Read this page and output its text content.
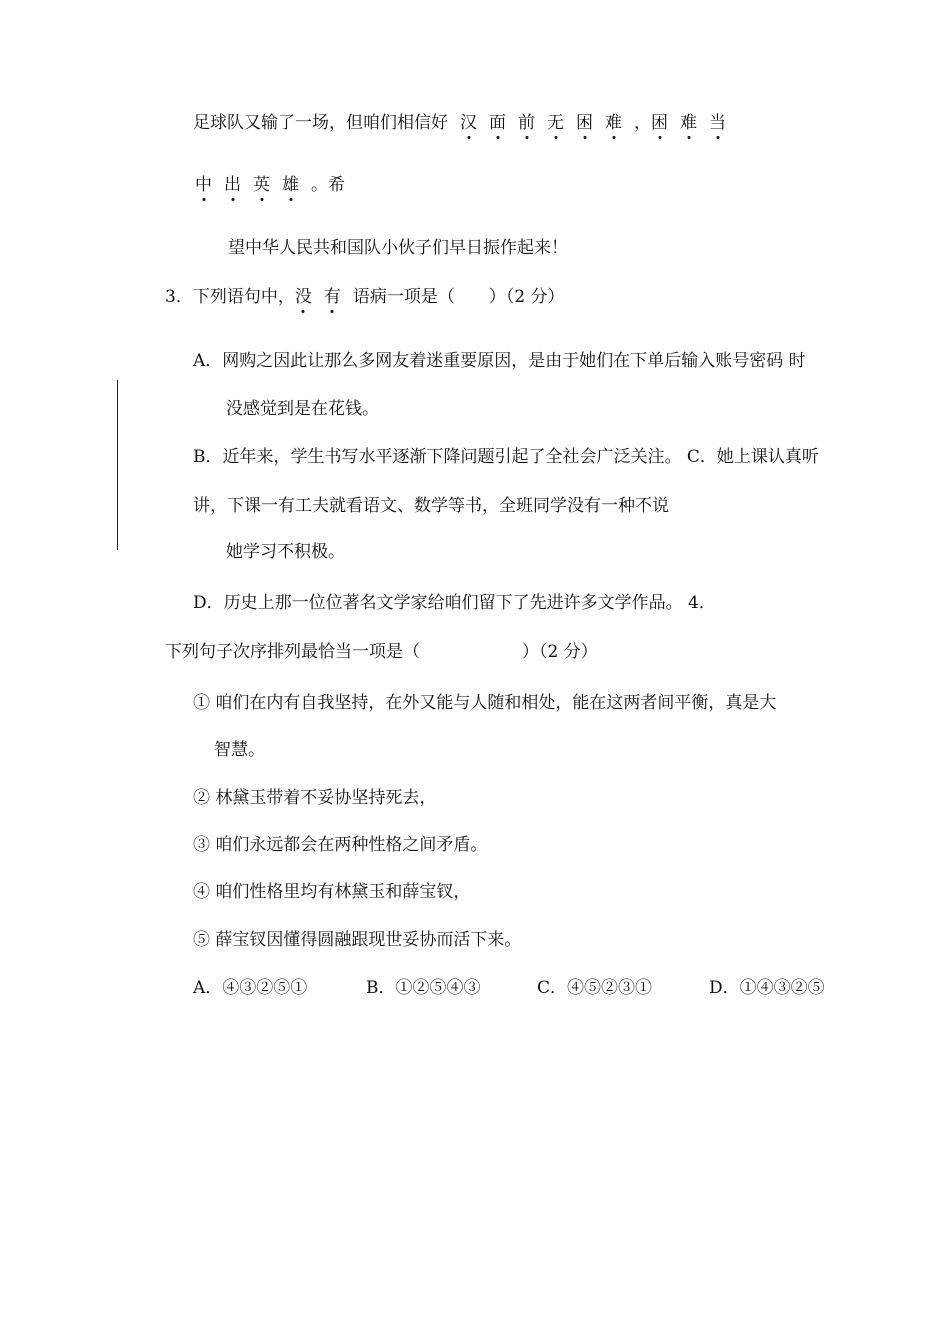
足球队又输了一场，但咱们相信好 汉 面 前 无 困 难 ，困 难 当
中 出 英 雄 。希
望中华人民共和国队小伙子们早日振作起来！
3．下列语句中，没 有 语病一项是（　　）（2 分）
A．网购之因此让那么多网友着迷重要原因，是由于她们在下单后输入账号密码 时
没感觉到是在花钱。
B．近年来，学生书写水平逐渐下降问题引起了全社会广泛关注。 C．她上课认真听
讲，下课一有工夫就看语文、数学等书，全班同学没有一种不说
她学习不积极。
D．历史上那一位位著名文学家给咱们留下了先进许多文学作品。 4．
下列句子次序排列最恰当一项是（　　　　　　）（2 分）
① 咱们在内有自我坚持，在外又能与人随和相处，能在这两者间平衡，真是大
智慧。
② 林黛玉带着不妥协坚持死去，
③ 咱们永远都会在两种性格之间矛盾。
④ 咱们性格里均有林黛玉和薛宝钗，
⑤ 薛宝钗因懂得圆融跟现世妥协而活下来。
A．④③②⑤①	B．①②⑤④③	C．④⑤②③①	D．①④③②⑤
